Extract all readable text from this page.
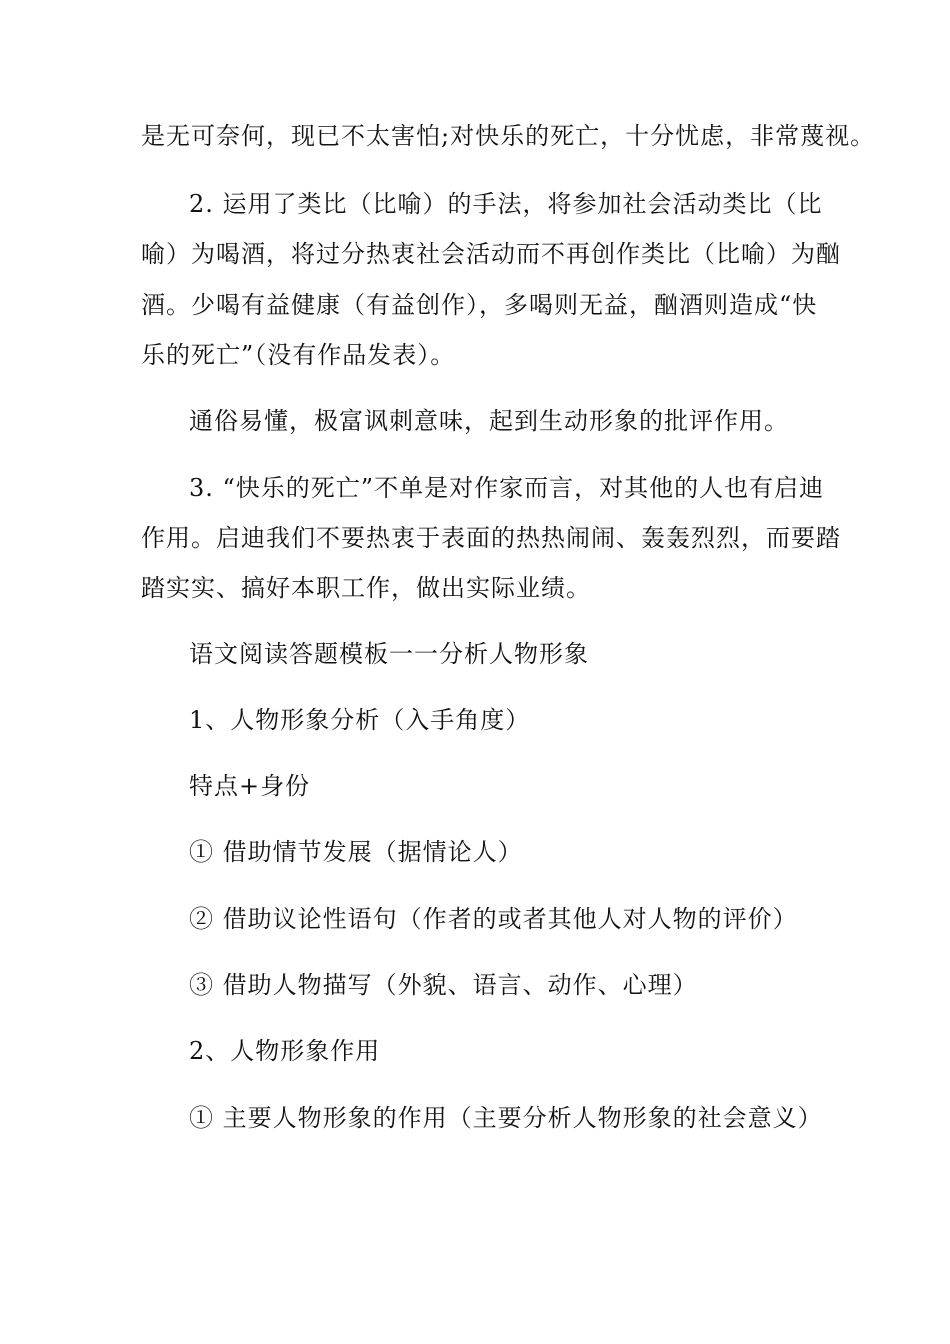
是无可奈何，现已不太害怕;对快乐的死亡，十分忧虑，非常蔑视。
2. 运用了类比（比喻）的手法，将参加社会活动类比（比
喻）为喝酒，将过分热衷社会活动而不再创作类比（比喻）为酗
酒。少喝有益健康（有益创作），多喝则无益，酗酒则造成“快
乐的死亡”（没有作品发表）。
通俗易懂，极富讽刺意味，起到生动形象的批评作用。
3. “快乐的死亡”不单是对作家而言，对其他的人也有启迪
作用。启迪我们不要热衷于表面的热热闹闹、轰轰烈烈，而要踏
踏实实、搞好本职工作，做出实际业绩。
语文阅读答题模板一一分析人物形象
1、人物形象分析（入手角度）
特点+身份
① 借助情节发展（据情论人）
② 借助议论性语句（作者的或者其他人对人物的评价）
③ 借助人物描写（外貌、语言、动作、心理）
2、人物形象作用
① 主要人物形象的作用（主要分析人物形象的社会意义）
